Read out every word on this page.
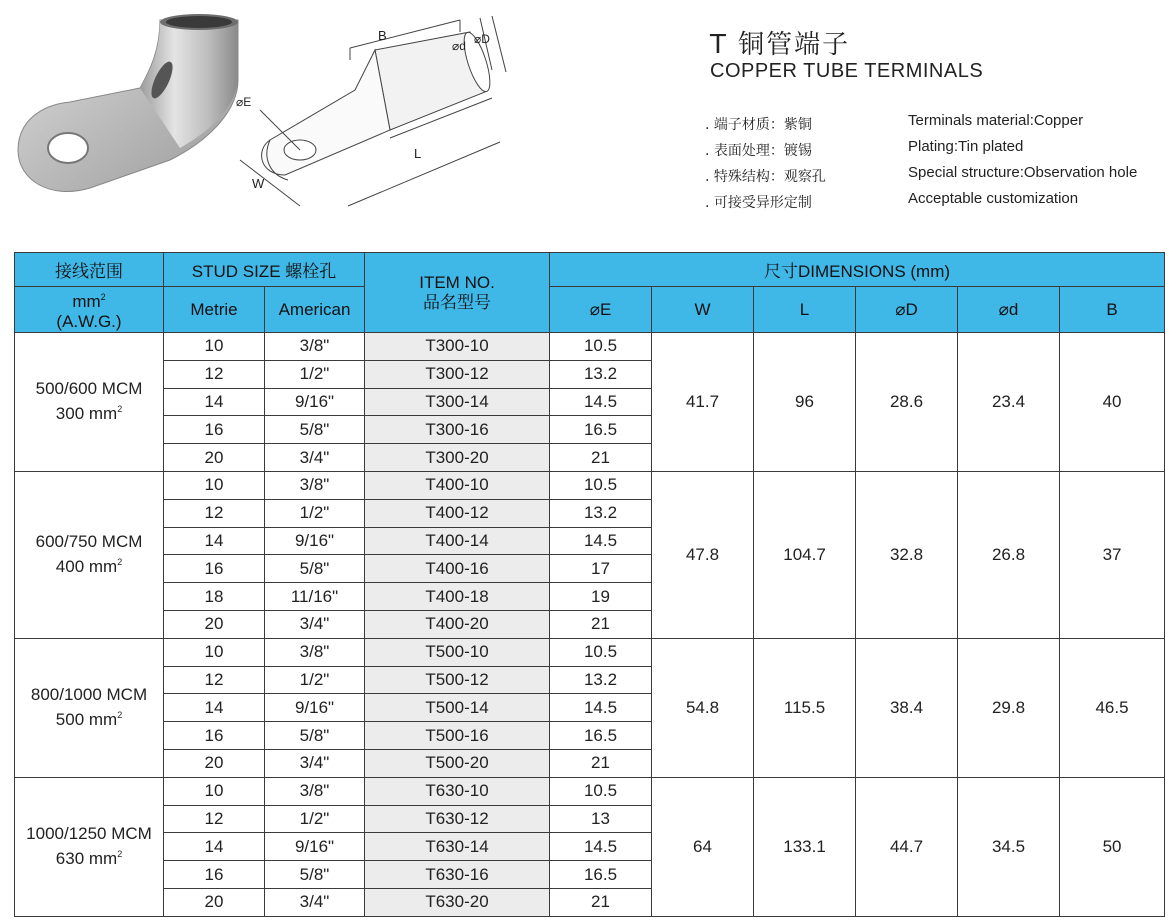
B
⌀d ⌀D
⌀E
L
W
T 铜管端子
COPPER TUBE TERMINALS
. 端子材质：紫铜	Terminals material:Copper
. 表面处理：镀锡	Plating:Tin plated
. 特殊结构：观察孔	Special structure:Observation hole
. 可接受异形定制	Acceptable customization
接线范围	STUD SIZE 螺栓孔		ITEM NO.
品名型号	尺寸DIMENSIONS (mm)					

$mm^2$
(A.W.G.)	Metrie	American		⌀E	W	L	⌀D	⌀d	B

500/600 MCM
300 $mm^2$	10	3/8"	T300-10	10.5	41.7	96	28.6	23.4	40
	12	1/2"	T300-12	13.2					
	14	9/16"	T300-14	14.5					
	16	5/8"	T300-16	16.5					
	20	3/4"	T300-20	21					

600/750 MCM
400 $mm^2$	10	3/8"	T400-10	10.5	47.8	104.7	32.8	26.8	37
	12	1/2"	T400-12	13.2					
	14	9/16"	T400-14	14.5					
	16	5/8"	T400-16	17					
	18	11/16"	T400-18	19					
	20	3/4"	T400-20	21					

800/1000 MCM
500 $mm^2$	10	3/8"	T500-10	10.5	54.8	115.5	38.4	29.8	46.5
	12	1/2"	T500-12	13.2					
	14	9/16"	T500-14	14.5					
	16	5/8"	T500-16	16.5					
	20	3/4"	T500-20	21					

1000/1250 MCM
630 $mm^2$	10	3/8"	T630-10	10.5	64	133.1	44.7	34.5	50
	12	1/2"	T630-12	13					
	14	9/16"	T630-14	14.5					
	16	5/8"	T630-16	16.5					
	20	3/4"	T630-20	21					
